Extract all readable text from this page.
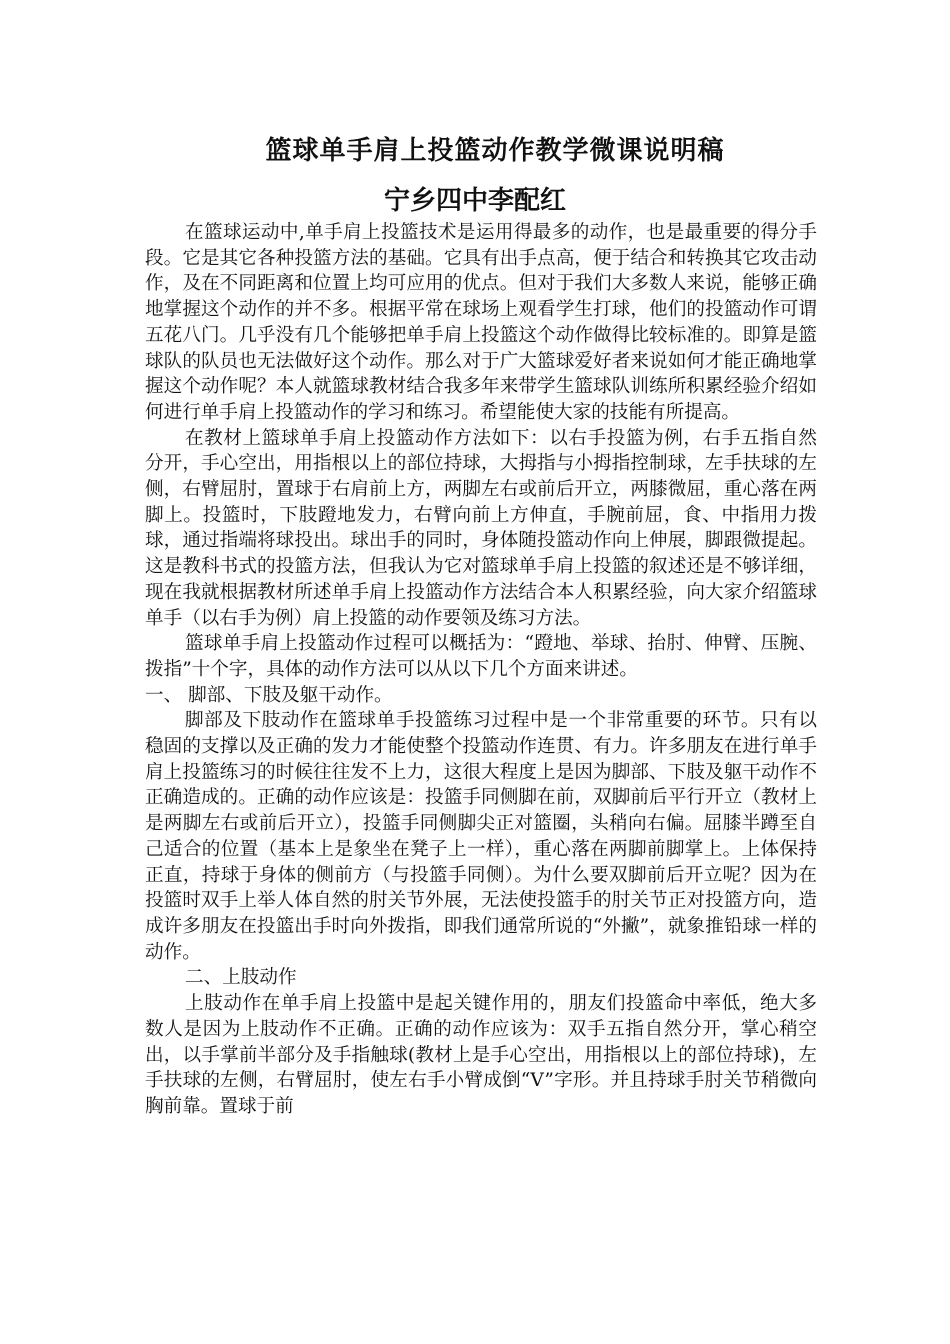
篮球单手肩上投篮动作教学微课说明稿
宁乡四中李配红

在篮球运动中,单手肩上投篮技术是运用得最多的动作，也是最重要的得分手段。它是其它各种投篮方法的基础。它具有出手点高，便于结合和转换其它攻击动作，及在不同距离和位置上均可应用的优点。但对于我们大多数人来说，能够正确地掌握这个动作的并不多。根据平常在球场上观看学生打球，他们的投篮动作可谓五花八门。几乎没有几个能够把单手肩上投篮这个动作做得比较标准的。即算是篮球队的队员也无法做好这个动作。那么对于广大篮球爱好者来说如何才能正确地掌握这个动作呢？本人就篮球教材结合我多年来带学生篮球队训练所积累经验介绍如何进行单手肩上投篮动作的学习和练习。希望能使大家的技能有所提高。

在教材上篮球单手肩上投篮动作方法如下：以右手投篮为例，右手五指自然分开，手心空出，用指根以上的部位持球，大拇指与小拇指控制球，左手扶球的左侧，右臂屈肘，置球于右肩前上方，两脚左右或前后开立，两膝微屈，重心落在两脚上。投篮时，下肢蹬地发力，右臂向前上方伸直，手腕前屈，食、中指用力拨球，通过指端将球投出。球出手的同时，身体随投篮动作向上伸展，脚跟微提起。这是教科书式的投篮方法，但我认为它对篮球单手肩上投篮的叙述还是不够详细，现在我就根据教材所述单手肩上投篮动作方法结合本人积累经验，向大家介绍篮球单手（以右手为例）肩上投篮的动作要领及练习方法。

篮球单手肩上投篮动作过程可以概括为：“蹬地、举球、抬肘、伸臂、压腕、拨指”十个字，具体的动作方法可以从以下几个方面来讲述。

一、 脚部、下肢及躯干动作。

脚部及下肢动作在篮球单手投篮练习过程中是一个非常重要的环节。只有以稳固的支撑以及正确的发力才能使整个投篮动作连贯、有力。许多朋友在进行单手肩上投篮练习的时候往往发不上力，这很大程度上是因为脚部、下肢及躯干动作不正确造成的。正确的动作应该是：投篮手同侧脚在前，双脚前后平行开立（教材上是两脚左右或前后开立），投篮手同侧脚尖正对篮圈，头稍向右偏。屈膝半蹲至自己适合的位置（基本上是象坐在凳子上一样），重心落在两脚前脚掌上。上体保持正直，持球于身体的侧前方（与投篮手同侧）。为什么要双脚前后开立呢？因为在投篮时双手上举人体自然的肘关节外展，无法使投篮手的肘关节正对投篮方向，造成许多朋友在投篮出手时向外拨指，即我们通常所说的“外撇”，就象推铅球一样的动作。

二、上肢动作

上肢动作在单手肩上投篮中是起关键作用的，朋友们投篮命中率低，绝大多数人是因为上肢动作不正确。正确的动作应该为：双手五指自然分开，掌心稍空出，以手掌前半部分及手指触球(教材上是手心空出，用指根以上的部位持球)，左手扶球的左侧，右臂屈肘，使左右手小臂成倒“V”字形。并且持球手肘关节稍微向胸前靠。置球于前
